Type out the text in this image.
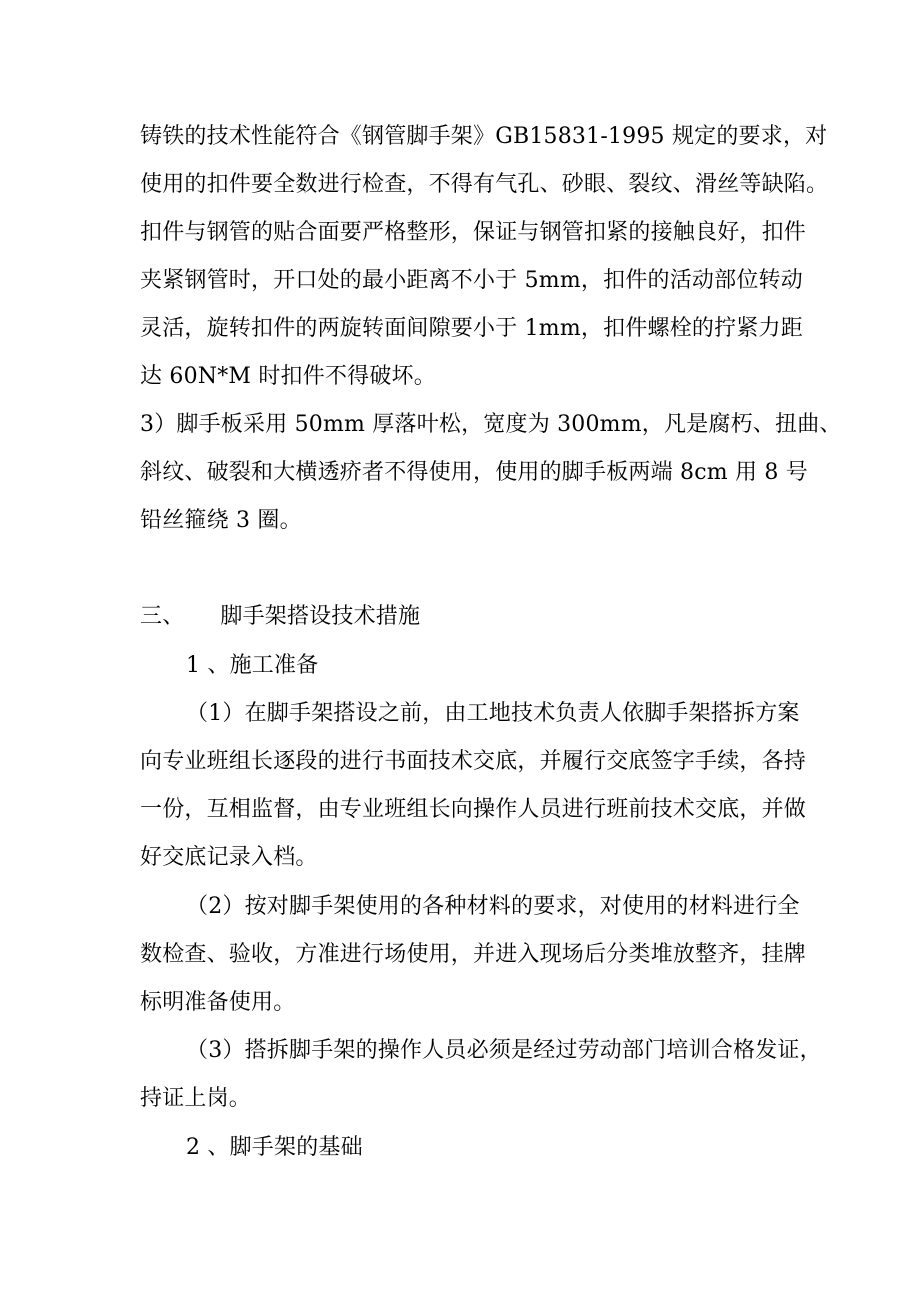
铸铁的技术性能符合《钢管脚手架》GB15831-1995 规定的要求，对
使用的扣件要全数进行检查，不得有气孔、砂眼、裂纹、滑丝等缺陷。
扣件与钢管的贴合面要严格整形，保证与钢管扣紧的接触良好，扣件
夹紧钢管时，开口处的最小距离不小于 5mm，扣件的活动部位转动
灵活，旋转扣件的两旋转面间隙要小于 1mm，扣件螺栓的拧紧力距
达 60N*M 时扣件不得破坏。
3）脚手板采用 50mm 厚落叶松，宽度为 300mm，凡是腐朽、扭曲、
斜纹、破裂和大横透疥者不得使用，使用的脚手板两端 8cm 用 8 号
铅丝箍绕 3 圈。
三、     脚手架搭设技术措施
1 、施工准备
（1）在脚手架搭设之前，由工地技术负责人依脚手架搭拆方案
向专业班组长逐段的进行书面技术交底，并履行交底签字手续，各持
一份，互相监督，由专业班组长向操作人员进行班前技术交底，并做
好交底记录入档。
（2）按对脚手架使用的各种材料的要求，对使用的材料进行全
数检查、验收，方准进行场使用，并进入现场后分类堆放整齐，挂牌
标明准备使用。
（3）搭拆脚手架的操作人员必须是经过劳动部门培训合格发证，
持证上岗。
2 、脚手架的基础
